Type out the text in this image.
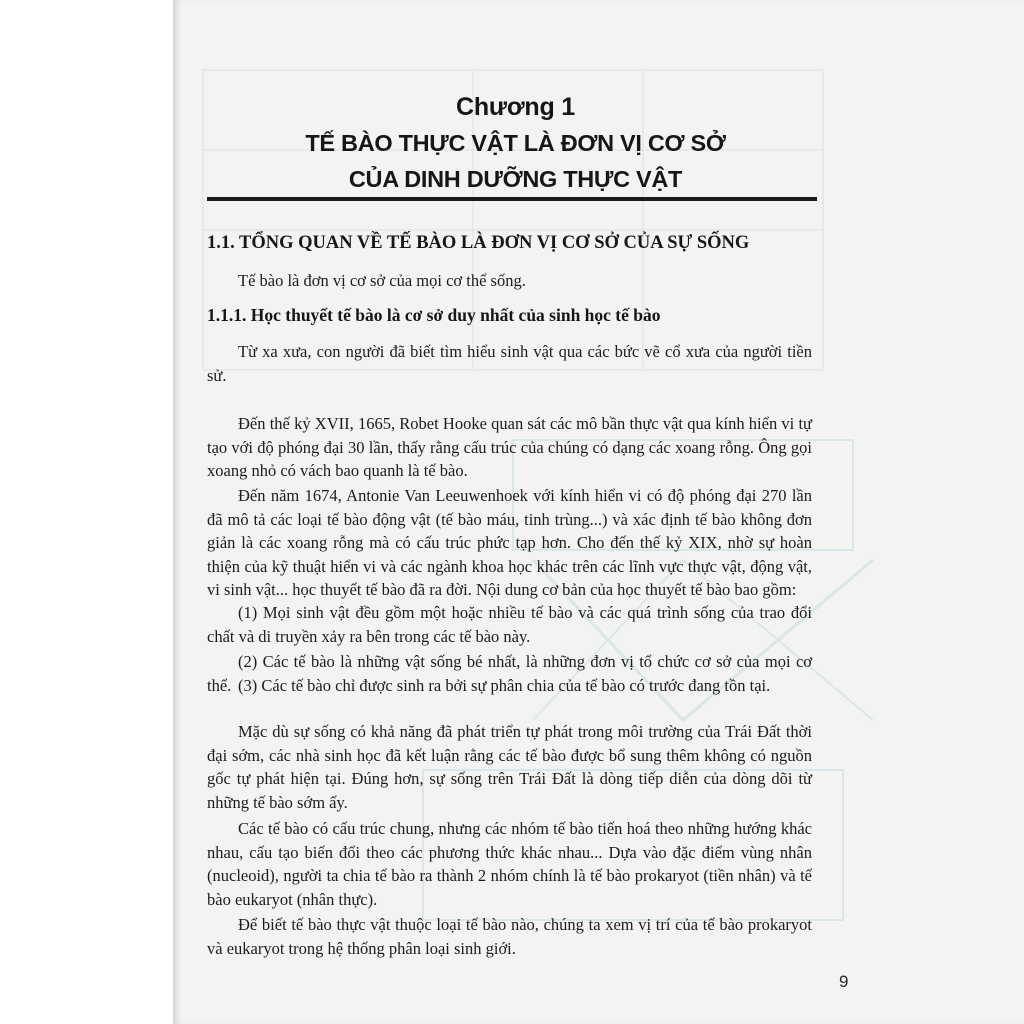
Chương 1
TẾ BÀO THỰC VẬT LÀ ĐƠN VỊ CƠ SỞ
CỦA DINH DƯỠNG THỰC VẬT
1.1. TỔNG QUAN VỀ TẾ BÀO LÀ ĐƠN VỊ CƠ SỞ CỦA SỰ SỐNG

Tế bào là đơn vị cơ sở của mọi cơ thể sống.

1.1.1. Học thuyết tế bào là cơ sở duy nhất của sinh học tế bào

Từ xa xưa, con người đã biết tìm hiểu sinh vật qua các bức vẽ cổ xưa của người tiền sử.

Đến thế kỷ XVII, 1665, Robet Hooke quan sát các mô bần thực vật qua kính hiển vi tự tạo với độ phóng đại 30 lần, thấy rằng cấu trúc của chúng có dạng các xoang rỗng. Ông gọi xoang nhỏ có vách bao quanh là tế bào.

Đến năm 1674, Antonie Van Leeuwenhoek với kính hiển vi có độ phóng đại 270 lần đã mô tả các loại tế bào động vật (tế bào máu, tinh trùng...) và xác định tế bào không đơn giản là các xoang rỗng mà có cấu trúc phức tạp hơn. Cho đến thế kỷ XIX, nhờ sự hoàn thiện của kỹ thuật hiển vi và các ngành khoa học khác trên các lĩnh vực thực vật, động vật, vi sinh vật... học thuyết tế bào đã ra đời. Nội dung cơ bản của học thuyết tế bào bao gồm:

(1) Mọi sinh vật đều gồm một hoặc nhiều tế bào và các quá trình sống của trao đổi chất và di truyền xảy ra bên trong các tế bào này.

(2) Các tế bào là những vật sống bé nhất, là những đơn vị tổ chức cơ sở của mọi cơ thể. (3) Các tế bào chỉ được sinh ra bởi sự phân chia của tế bào có trước đang tồn tại.

Mặc dù sự sống có khả năng đã phát triển tự phát trong môi trường của Trái Đất thời đại sớm, các nhà sinh học đã kết luận rằng các tế bào được bổ sung thêm không có nguồn gốc tự phát hiện tại. Đúng hơn, sự sống trên Trái Đất là dòng tiếp diễn của dòng dõi từ những tế bào sớm ấy.

Các tế bào có cấu trúc chung, nhưng các nhóm tế bào tiến hoá theo những hướng khác nhau, cấu tạo biến đổi theo các phương thức khác nhau... Dựa vào đặc điểm vùng nhân (nucleoid), người ta chia tế bào ra thành 2 nhóm chính là tế bào prokaryot (tiền nhân) và tế bào eukaryot (nhân thực).

Để biết tế bào thực vật thuộc loại tế bào nào, chúng ta xem vị trí của tế bào prokaryot và eukaryot trong hệ thống phân loại sinh giới.

9
